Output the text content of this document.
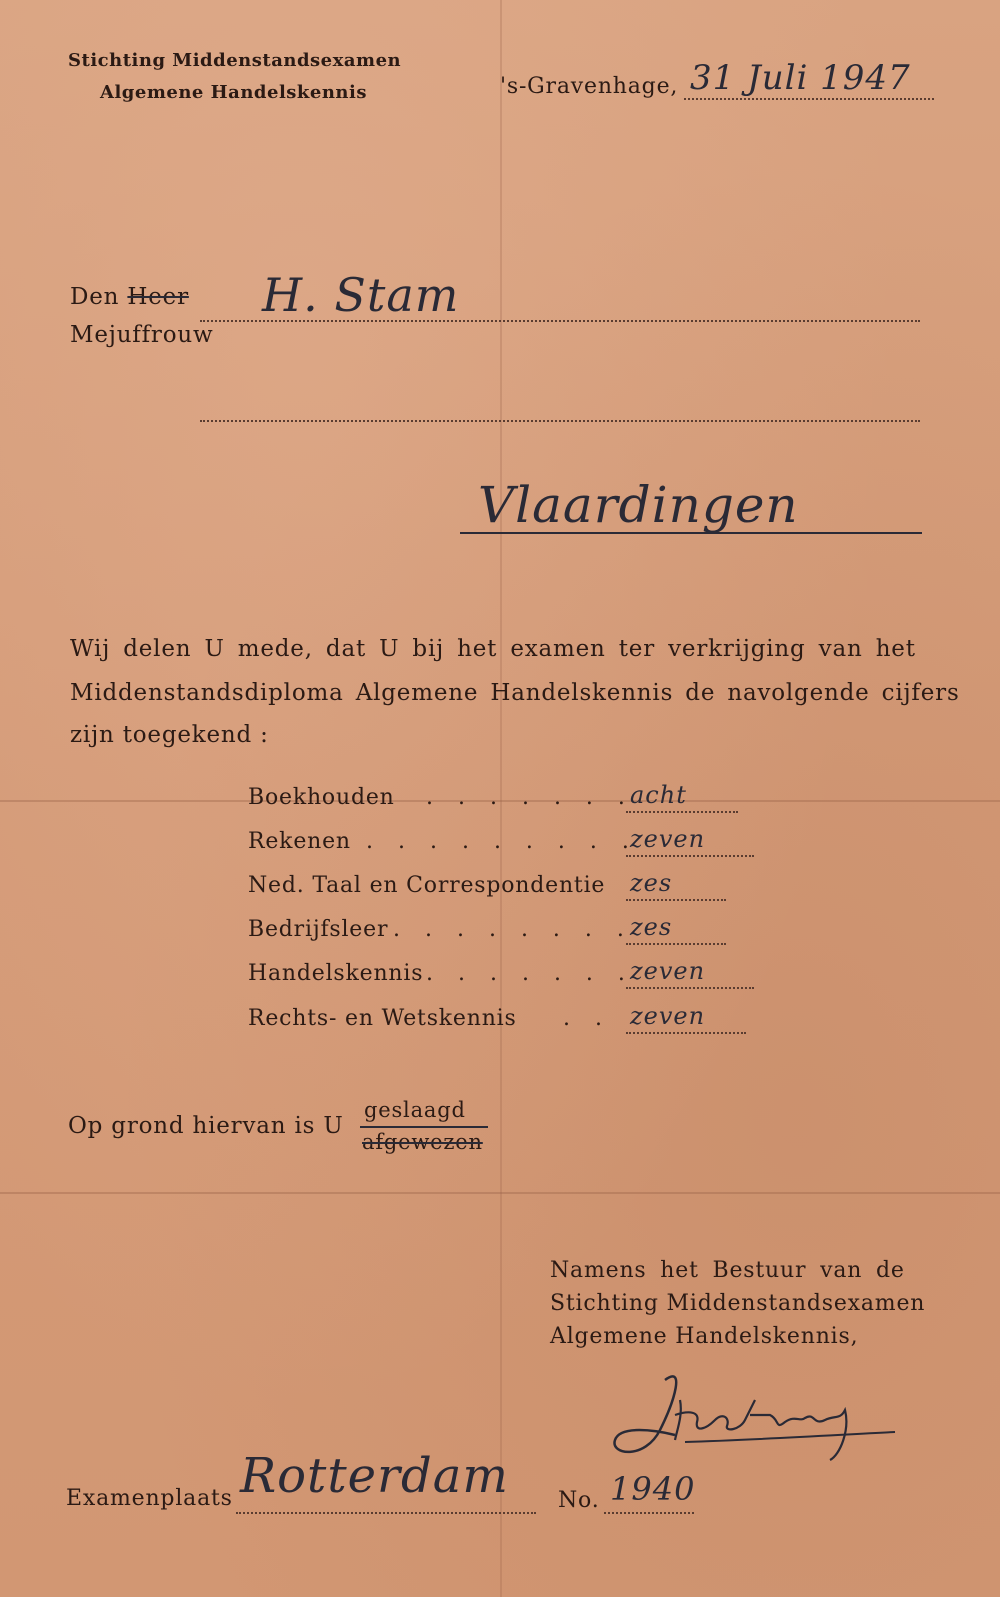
Stichting Middenstandsexamen
Algemene Handelskennis	's-Gravenhage, 31 Juli 1947
Den Heer
Mejuffrouw
H. Stam
Vlaardingen
Wij delen U mede, dat U bij het examen ter verkrijging van het
Middenstandsdiploma Algemene Handelskennis de navolgende cijfers
zijn toegekend :
Boekhouden . . . . . . .
acht
Rekenen . . . . . . . . .
zeven
Ned. Taal en Correspondentie zes
Bedrijfsleer . . . . . . . .
zes
Handelskennis . . . . . . .
zeven
Rechts- en Wetskennis . . zeven
Op grond hiervan is U
geslaagd
afgewezen
Namens het Bestuur van de
Stichting Middenstandsexamen
Algemene Handelskennis,
Examenplaats Rotterdam No. 1940
